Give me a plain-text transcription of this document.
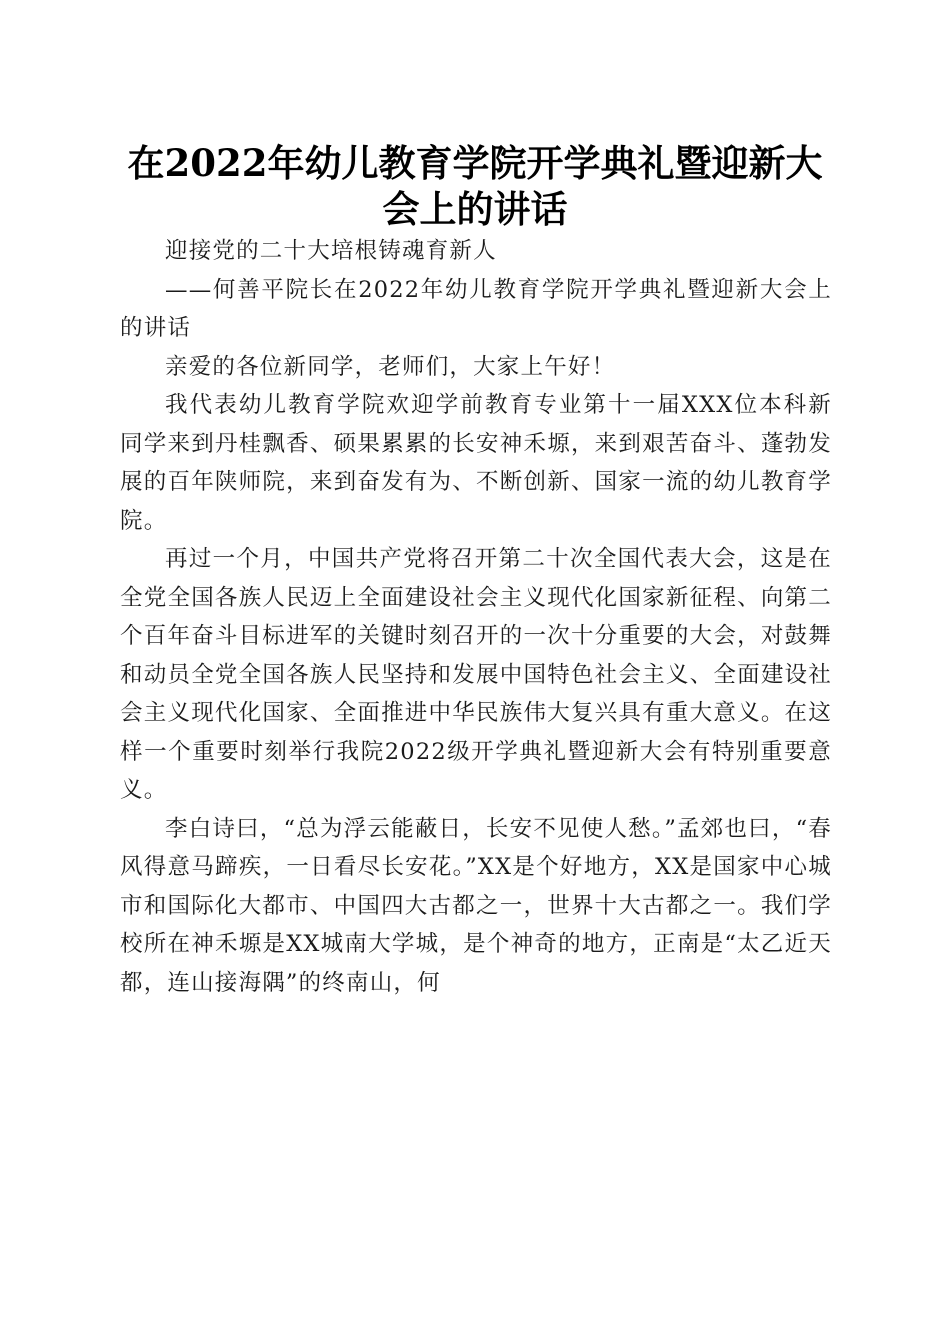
在2022年幼儿教育学院开学典礼暨迎新大会上的讲话

迎接党的二十大培根铸魂育新人

——何善平院长在2022年幼儿教育学院开学典礼暨迎新大会上的讲话

亲爱的各位新同学，老师们，大家上午好！

我代表幼儿教育学院欢迎学前教育专业第十一届XXX位本科新同学来到丹桂飘香、硕果累累的长安神禾塬，来到艰苦奋斗、蓬勃发展的百年陕师院，来到奋发有为、不断创新、国家一流的幼儿教育学院。

再过一个月，中国共产党将召开第二十次全国代表大会，这是在全党全国各族人民迈上全面建设社会主义现代化国家新征程、向第二个百年奋斗目标进军的关键时刻召开的一次十分重要的大会，对鼓舞和动员全党全国各族人民坚持和发展中国特色社会主义、全面建设社会主义现代化国家、全面推进中华民族伟大复兴具有重大意义。在这样一个重要时刻举行我院2022级开学典礼暨迎新大会有特别重要意义。

李白诗曰，“总为浮云能蔽日，长安不见使人愁。”孟郊也曰，“春风得意马蹄疾，一日看尽长安花。”XX是个好地方，XX是国家中心城市和国际化大都市、中国四大古都之一，世界十大古都之一。我们学校所在神禾塬是XX城南大学城，是个神奇的地方，正南是“太乙近天都，连山接海隅”的终南山，何
